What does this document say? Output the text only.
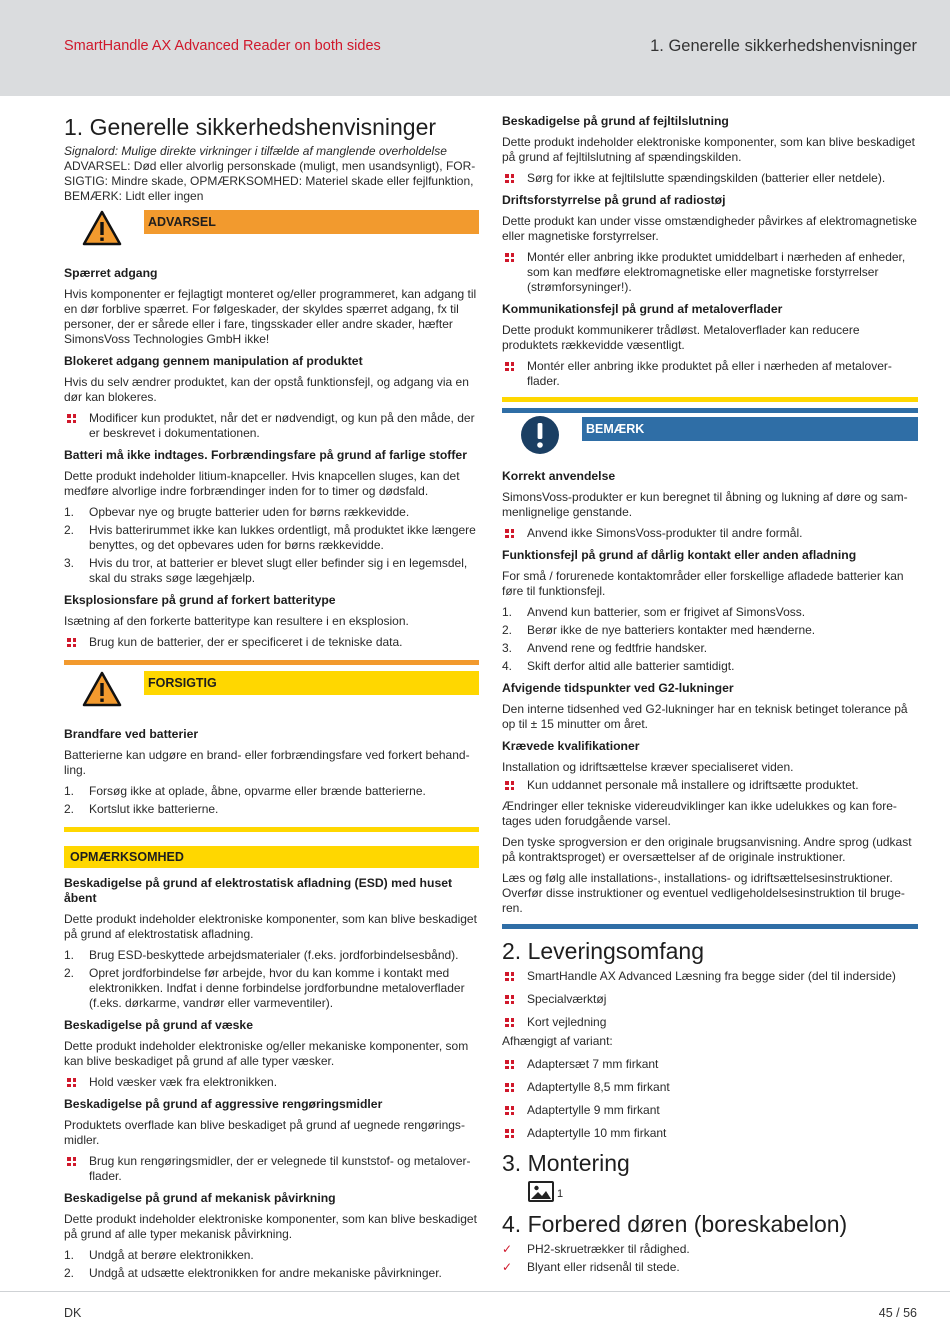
SmartHandle AX Advanced Reader on both sides	1. Generelle sikkerhedshenvisninger
1. Generelle sikkerhedshenvisninger

Signalord: Mulige direkte virkninger i tilfælde af manglende overholdelse

ADVARSEL: Død eller alvorlig personskade (muligt, men usandsynligt), FORSIGTIG: Mindre skade, OPMÆRKSOMHED: Materiel skade eller fejlfunktion, BEMÆRK: Lidt eller ingen

ADVARSEL
Spærret adgang

Hvis komponenter er fejlagtigt monteret og/eller programmeret, kan adgang til en dør forblive spærret. For følgeskader, der skyldes spærret adgang, fx til personer, der er sårede eller i fare, tingsskader eller andre skader, hæfter SimonsVoss Technologies GmbH ikke!

Blokeret adgang gennem manipulation af produktet

Hvis du selv ændrer produktet, kan der opstå funktionsfejl, og adgang via en dør kan blokeres.

Modificer kun produktet, når det er nødvendigt, og kun på den måde, der er beskrevet i dokumentationen.
Batteri må ikke indtages. Forbrændingsfare på grund af farlige stoffer

Dette produkt indeholder litium-knapceller. Hvis knapcellen sluges, kan det medføre alvorlige indre forbrændinger inden for to timer og dødsfald.

1. Opbevar nye og brugte batterier uden for børns rækkevidde.
2. Hvis batterirummet ikke kan lukkes ordentligt, må produktet ikke længere benyttes, og det opbevares uden for børns rækkevidde.
3. Hvis du tror, at batterier er blevet slugt eller befinder sig i en legemsdel, skal du straks søge lægehjælp.
Eksplosionsfare på grund af forkert batteritype

Isætning af den forkerte batteritype kan resultere i en eksplosion.

Brug kun de batterier, der er specificeret i de tekniske data.
FORSIGTIG
Brandfare ved batterier

Batterierne kan udgøre en brand- eller forbrændingsfare ved forkert behandling.

1. Forsøg ikke at oplade, åbne, opvarme eller brænde batterierne.
2. Kortslut ikke batterierne.
OPMÆRKSOMHED
Beskadigelse på grund af elektrostatisk afladning (ESD) med huset åbent

Dette produkt indeholder elektroniske komponenter, som kan blive beskadiget på grund af elektrostatisk afladning.

1. Brug ESD-beskyttede arbejdsmaterialer (f.eks. jordforbindelsesbånd).
2. Opret jordforbindelse før arbejde, hvor du kan komme i kontakt med elektronikken. Indfat i denne forbindelse jordforbundne metaloverflader (f.eks. dørkarme, vandrør eller varmeventiler).
Beskadigelse på grund af væske

Dette produkt indeholder elektroniske og/eller mekaniske komponenter, som kan blive beskadiget på grund af alle typer væsker.

Hold væsker væk fra elektronikken.
Beskadigelse på grund af aggressive rengøringsmidler

Produktets overflade kan blive beskadiget på grund af uegnede rengøringsmidler.

Brug kun rengøringsmidler, der er velegnede til kunststof- og metaloverflader.
Beskadigelse på grund af mekanisk påvirkning

Dette produkt indeholder elektroniske komponenter, som kan blive beskadiget på grund af alle typer mekanisk påvirkning.

1. Undgå at berøre elektronikken.
2. Undgå at udsætte elektronikken for andre mekaniske påvirkninger.
Beskadigelse på grund af fejltilslutning

Dette produkt indeholder elektroniske komponenter, som kan blive beskadiget på grund af fejltilslutning af spændingskilden.

Sørg for ikke at fejltilslutte spændingskilden (batterier eller netdele).
Driftsforstyrrelse på grund af radiostøj

Dette produkt kan under visse omstændigheder påvirkes af elektromagnetiske eller magnetiske forstyrrelser.

Montér eller anbring ikke produktet umiddelbart i nærheden af enheder, som kan medføre elektromagnetiske eller magnetiske forstyrrelser (strømforsyninger!).
Kommunikationsfejl på grund af metaloverflader

Dette produkt kommunikerer trådløst. Metaloverflader kan reducere produktets rækkevidde væsentligt.

Montér eller anbring ikke produktet på eller i nærheden af metaloverflader.
BEMÆRK
Korrekt anvendelse

SimonsVoss-produkter er kun beregnet til åbning og lukning af døre og sammenlignelige genstande.

Anvend ikke SimonsVoss-produkter til andre formål.
Funktionsfejl på grund af dårlig kontakt eller anden afladning

For små / forurenede kontaktområder eller forskellige afladede batterier kan føre til funktionsfejl.

1. Anvend kun batterier, som er frigivet af SimonsVoss.
2. Berør ikke de nye batteriers kontakter med hænderne.
3. Anvend rene og fedtfrie handsker.
4. Skift derfor altid alle batterier samtidigt.
Afvigende tidspunkter ved G2-lukninger

Den interne tidsenhed ved G2-lukninger har en teknisk betinget tolerance på op til ± 15 minutter om året.

Krævede kvalifikationer

Installation og idriftsættelse kræver specialiseret viden.

Kun uddannet personale må installere og idriftsætte produktet.

Ændringer eller tekniske videreudviklinger kan ikke udelukkes og kan foretages uden forudgående varsel.

Den tyske sprogversion er den originale brugsanvisning. Andre sprog (udkast på kontraktsproget) er oversættelser af de originale instruktioner.

Læs og følg alle installations-, installations- og idriftsættelsesinstruktioner. Overfør disse instruktioner og eventuel vedligeholdelsesinstruktion til brugeren.

2. Leveringsomfang
SmartHandle AX Advanced Læsning fra begge sider (del til inderside)
Specialværktøj
Kort vejledning

Afhængigt af variant:

Adaptersæt 7 mm firkant
Adaptertylle 8,5 mm firkant
Adaptertylle 9 mm firkant
Adaptertylle 10 mm firkant
3. Montering
1
4. Forbered døren (boreskabelon)
✓ PH2-skruetrækker til rådighed.
✓ Blyant eller ridsenål til stede.
DK	45 / 56
